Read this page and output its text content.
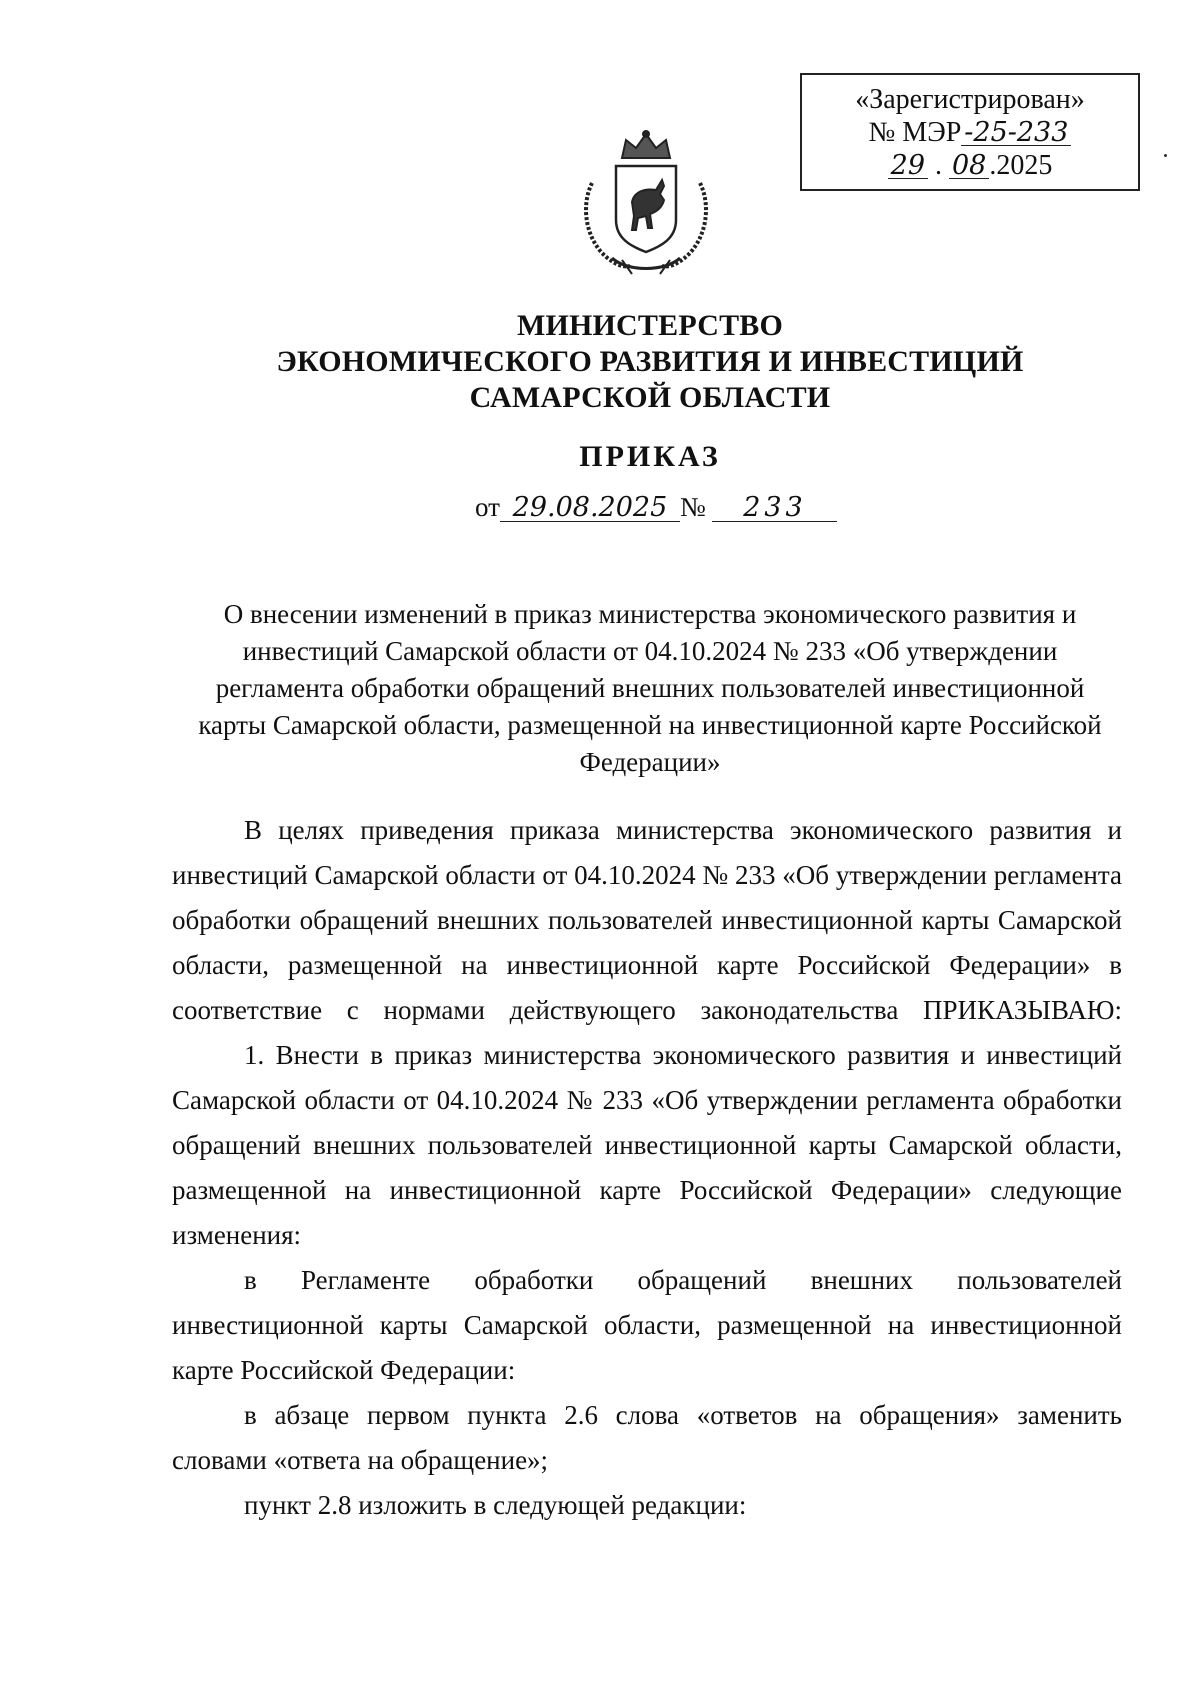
«Зарегистрирован»
№ МЭР -25-233
29 . 08 .2025
МИНИСТЕРСТВО
ЭКОНОМИЧЕСКОГО РАЗВИТИЯ И ИНВЕСТИЦИЙ
САМАРСКОЙ ОБЛАСТИ
ПРИКАЗ
от 29.08.2025 № 233
О внесении изменений в приказ министерства экономического развития и инвестиций Самарской области от 04.10.2024 № 233 «Об утверждении регламента обработки обращений внешних пользователей инвестиционной карты Самарской области, размещенной на инвестиционной карте Российской Федерации»

В целях приведения приказа министерства экономического развития и инвестиций Самарской области от 04.10.2024 № 233 «Об утверждении регламента обработки обращений внешних пользователей инвестиционной карты Самарской области, размещенной на инвестиционной карте Российской Федерации» в соответствие с нормами действующего законодательства ПРИКАЗЫВАЮ:

1. Внести в приказ министерства экономического развития и инвестиций Самарской области от 04.10.2024 № 233 «Об утверждении регламента обработки обращений внешних пользователей инвестиционной карты Самарской области, размещенной на инвестиционной карте Российской Федерации» следующие изменения:

в Регламенте обработки обращений внешних пользователей инвестиционной карты Самарской области, размещенной на инвестиционной карте Российской Федерации:

в абзаце первом пункта 2.6 слова «ответов на обращения» заменить словами «ответа на обращение»;

пункт 2.8 изложить в следующей редакции:
